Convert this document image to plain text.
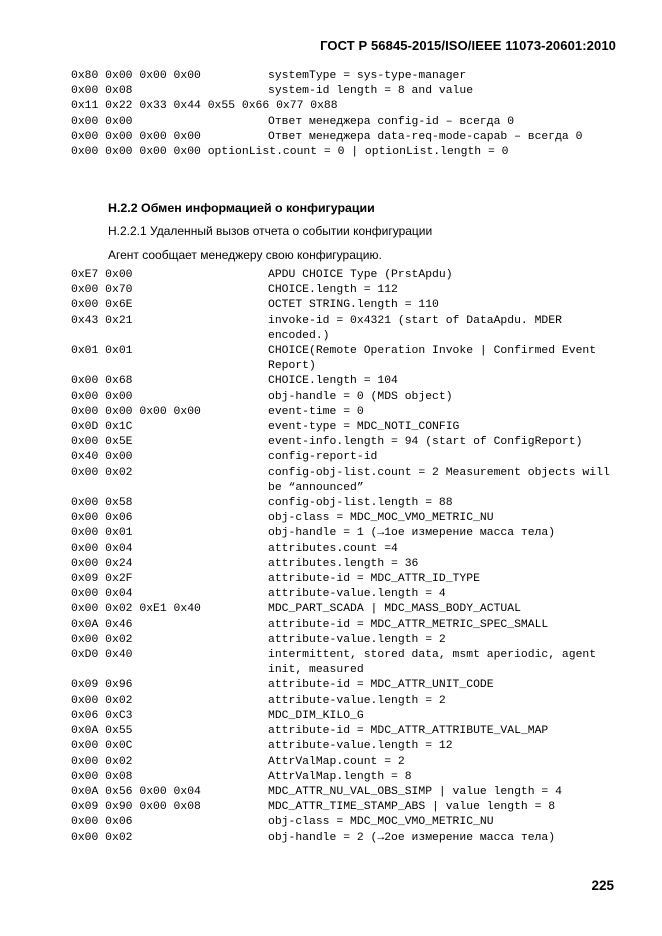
ГОСТ Р 56845-2015/ISO/IEEE 11073-20601:2010
0x80 0x00 0x00 0x00	systemType = sys-type-manager
0x00 0x08	system-id length = 8 and value
0x11 0x22 0x33 0x44 0x55 0x66 0x77 0x88
0x00 0x00	Ответ менеджера config-id – всегда 0
0x00 0x00 0x00 0x00	Ответ менеджера data-req-mode-capab – всегда 0
0x00 0x00 0x00 0x00 optionList.count = 0 | optionList.length = 0
H.2.2 Обмен информацией о конфигурации
H.2.2.1 Удаленный вызов отчета о событии конфигурации
Агент сообщает менеджеру свою конфигурацию.
0xE7 0x00	APDU CHOICE Type (PrstApdu)
0x00 0x70	CHOICE.length = 112
0x00 0x6E	OCTET STRING.length = 110
0x43 0x21	invoke-id = 0x4321 (start of DataApdu. MDER encoded.)
0x01 0x01	CHOICE(Remote Operation Invoke | Confirmed Event Report)
0x00 0x68	CHOICE.length = 104
0x00 0x00	obj-handle = 0 (MDS object)
0x00 0x00 0x00 0x00	event-time = 0
0x0D 0x1C	event-type = MDC_NOTI_CONFIG
0x00 0x5E	event-info.length = 94 (start of ConfigReport)
0x40 0x00	config-report-id
0x00 0x02	config-obj-list.count = 2 Measurement objects will be “announced”
0x00 0x58	config-obj-list.length = 88
0x00 0x06	obj-class = MDC_MOC_VMO_METRIC_NU
0x00 0x01	obj-handle = 1 (→1ое измерение масса тела)
0x00 0x04	attributes.count =4
0x00 0x24	attributes.length = 36
0x09 0x2F	attribute-id = MDC_ATTR_ID_TYPE
0x00 0x04	attribute-value.length = 4
0x00 0x02 0xE1 0x40	MDC_PART_SCADA | MDC_MASS_BODY_ACTUAL
0x0A 0x46	attribute-id = MDC_ATTR_METRIC_SPEC_SMALL
0x00 0x02	attribute-value.length = 2
0xD0 0x40	intermittent, stored data, msmt aperiodic, agent init, measured
0x09 0x96	attribute-id = MDC_ATTR_UNIT_CODE
0x00 0x02	attribute-value.length = 2
0x06 0xC3	MDC_DIM_KILO_G
0x0A 0x55	attribute-id = MDC_ATTR_ATTRIBUTE_VAL_MAP
0x00 0x0C	attribute-value.length = 12
0x00 0x02	AttrValMap.count = 2
0x00 0x08	AttrValMap.length = 8
0x0A 0x56 0x00 0x04	MDC_ATTR_NU_VAL_OBS_SIMP | value length = 4
0x09 0x90 0x00 0x08	MDC_ATTR_TIME_STAMP_ABS | value length = 8
0x00 0x06	obj-class = MDC_MOC_VMO_METRIC_NU
0x00 0x02	obj-handle = 2 (→2ое измерение масса тела)
225
